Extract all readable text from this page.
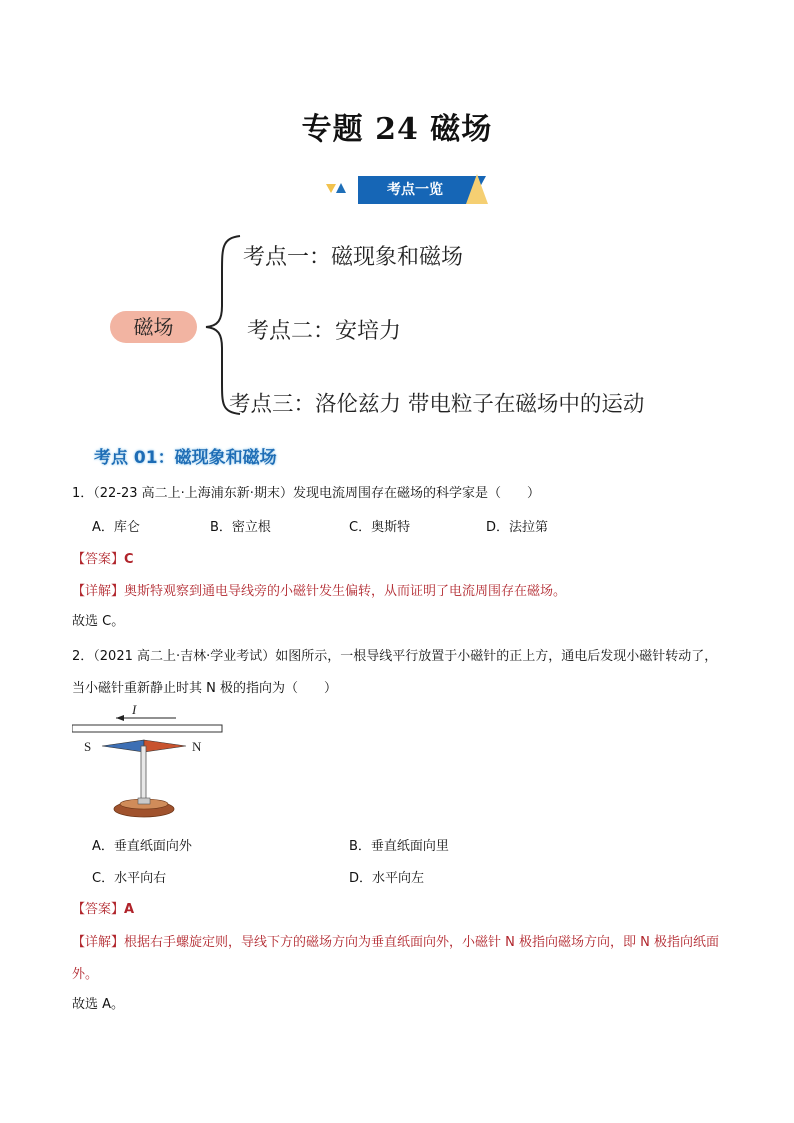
专题 24 磁场
考点一览
磁场
考点一：磁现象和磁场
考点二：安培力
考点三：洛伦兹力 带电粒子在磁场中的运动
考点 01：磁现象和磁场
1．（22-23 高二上·上海浦东新·期末）发现电流周围存在磁场的科学家是（　　）
A．库仑	B．密立根	C．奥斯特	D．法拉第
【答案】C
【详解】奥斯特观察到通电导线旁的小磁针发生偏转，从而证明了电流周围存在磁场。
故选 C。
2．（2021 高二上·吉林·学业考试）如图所示，一根导线平行放置于小磁针的正上方，通电后发现小磁针转动了，当小磁针重新静止时其 N 极的指向为（　　）
I
S	N
A．垂直纸面向外	B．垂直纸面向里
C．水平向右	D．水平向左
【答案】A
【详解】根据右手螺旋定则，导线下方的磁场方向为垂直纸面向外，小磁针 N 极指向磁场方向，即 N 极指向纸面外。
故选 A。
